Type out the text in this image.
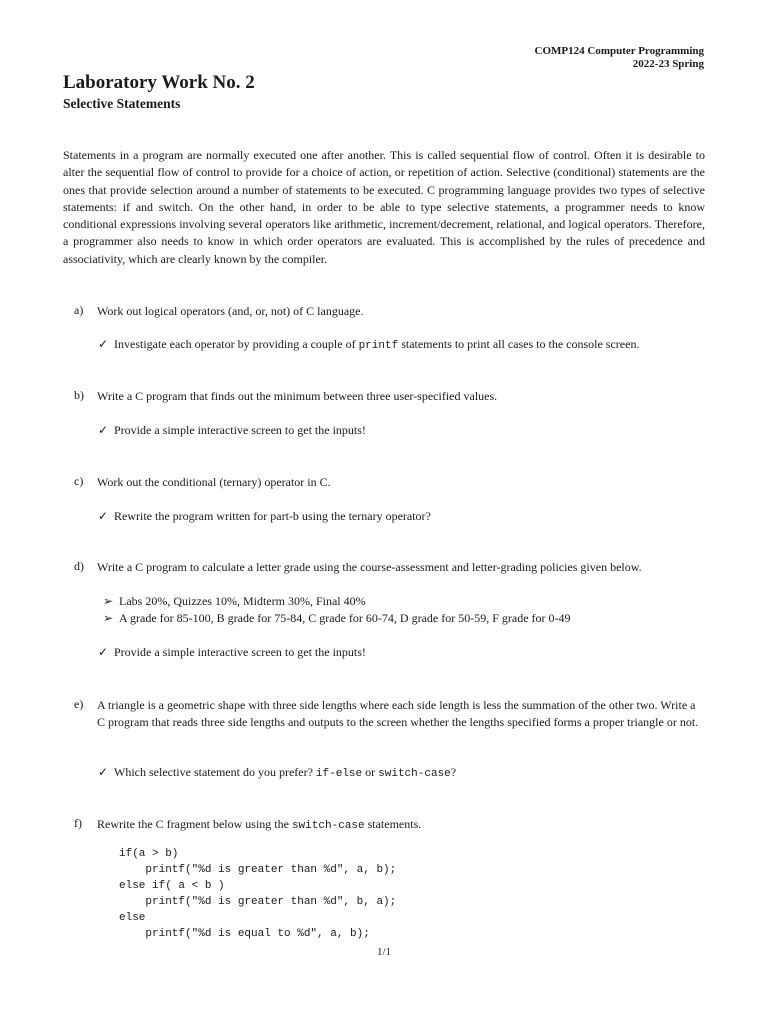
COMP124 Computer Programming
2022-23 Spring
Laboratory Work No. 2
Selective Statements

Statements in a program are normally executed one after another. This is called sequential flow of control. Often it is desirable to alter the sequential flow of control to provide for a choice of action, or repetition of action. Selective (conditional) statements are the ones that provide selection around a number of statements to be executed. C programming language provides two types of selective statements: if and switch. On the other hand, in order to be able to type selective statements, a programmer needs to know conditional expressions involving several operators like arithmetic, increment/decrement, relational, and logical operators. Therefore, a programmer also needs to know in which order operators are evaluated. This is accomplished by the rules of precedence and associativity, which are clearly known by the compiler.

a) Work out logical operators (and, or, not) of C language.
✓ Investigate each operator by providing a couple of printf statements to print all cases to the console screen.
b) Write a C program that finds out the minimum between three user-specified values.
✓ Provide a simple interactive screen to get the inputs!
c) Work out the conditional (ternary) operator in C.
✓ Rewrite the program written for part-b using the ternary operator?
d) Write a C program to calculate a letter grade using the course-assessment and letter-grading policies given below.
➢ Labs 20%, Quizzes 10%, Midterm 30%, Final 40%
➢ A grade for 85-100, B grade for 75-84, C grade for 60-74, D grade for 50-59, F grade for 0-49
✓ Provide a simple interactive screen to get the inputs!
e) A triangle is a geometric shape with three side lengths where each side length is less the summation of the other two. Write a C program that reads three side lengths and outputs to the screen whether the lengths specified forms a proper triangle or not.
✓ Which selective statement do you prefer? if-else or switch-case?
f) Rewrite the C fragment below using the switch-case statements.
if(a > b)
printf("%d is greater than %d", a, b);
else if( a < b )
printf("%d is greater than %d", b, a);
else
printf("%d is equal to %d", a, b);
1/1
